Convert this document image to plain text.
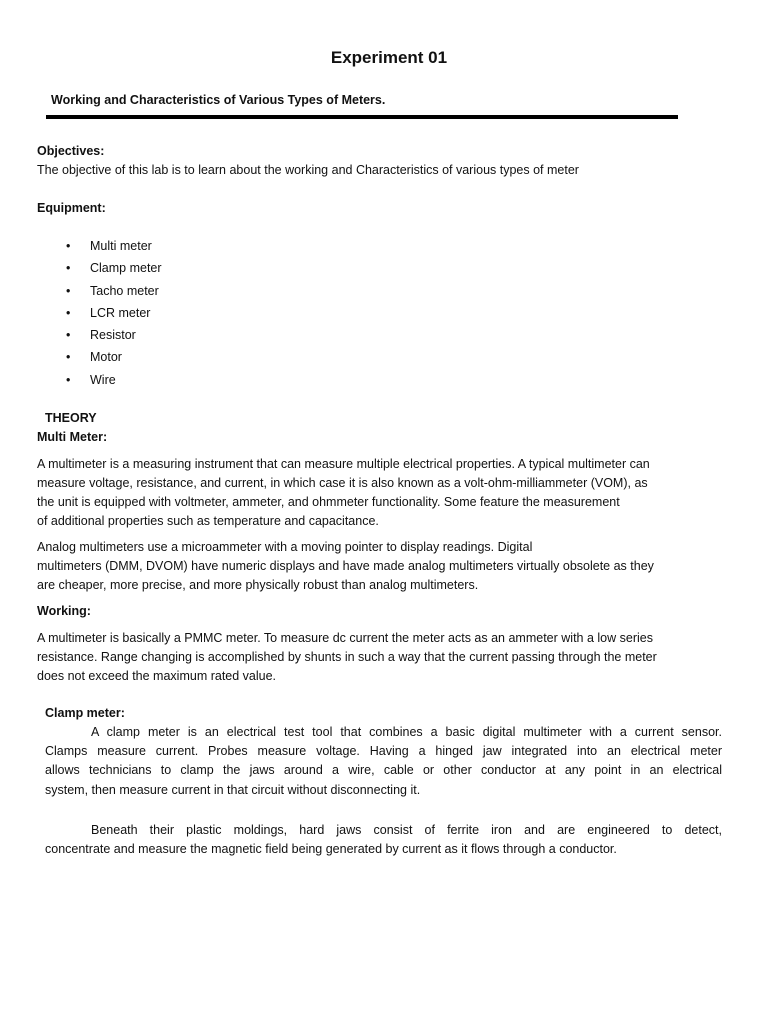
Experiment 01
Working and Characteristics of Various Types of Meters.
Objectives:
The objective of this lab is to learn about the working and Characteristics of various types of meter
Equipment:
• Multi meter
• Clamp meter
• Tacho meter
• LCR meter
• Resistor
• Motor
• Wire
THEORY
Multi Meter:
A multimeter is a measuring instrument that can measure multiple electrical properties. A typical multimeter can
measure voltage, resistance, and current, in which case it is also known as a volt-ohm-milliammeter (VOM), as
the unit is equipped with voltmeter, ammeter, and ohmmeter functionality. Some feature the measurement
of additional properties such as temperature and capacitance.
Analog multimeters use a microammeter with a moving pointer to display readings. Digital
multimeters (DMM, DVOM) have numeric displays and have made analog multimeters virtually obsolete as they
are cheaper, more precise, and more physically robust than analog multimeters.
Working:
A multimeter is basically a PMMC meter. To measure dc current the meter acts as an ammeter with a low series
resistance. Range changing is accomplished by shunts in such a way that the current passing through the meter
does not exceed the maximum rated value.
Clamp meter:
A clamp meter is an electrical test tool that combines a basic digital multimeter with a current sensor.
Clamps measure current. Probes measure voltage. Having a hinged jaw integrated into an electrical meter
allows technicians to clamp the jaws around a wire, cable or other conductor at any point in an electrical
system, then measure current in that circuit without disconnecting it.
Beneath their plastic moldings, hard jaws consist of ferrite iron and are engineered to detect,
concentrate and measure the magnetic field being generated by current as it flows through a conductor.
